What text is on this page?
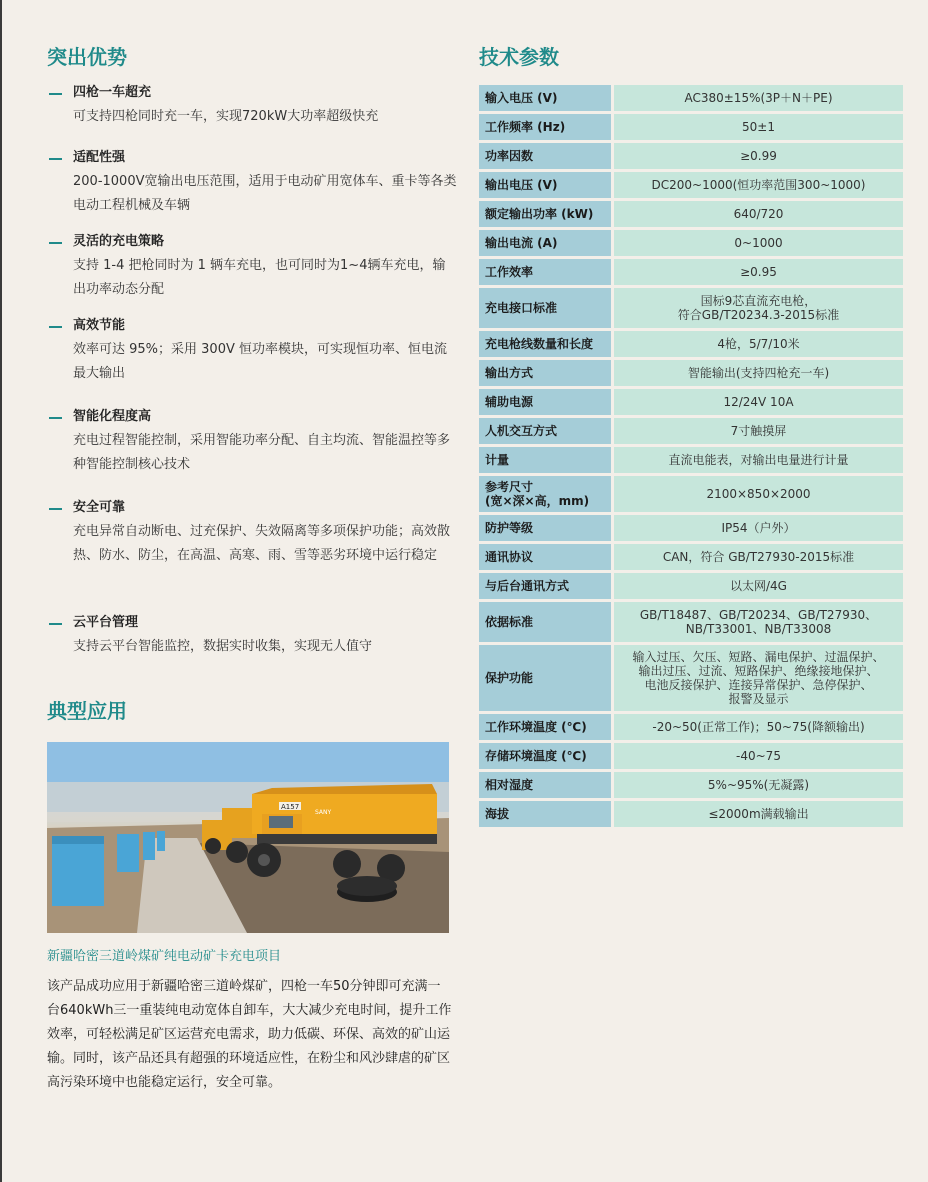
突出优势
四枪一车超充
可支持四枪同时充一车，实现720kW大功率超级快充
适配性强
200-1000V宽输出电压范围，适用于电动矿用宽体车、重卡等各类电动工程机械及车辆
灵活的充电策略
支持 1-4 把枪同时为 1 辆车充电，也可同时为1~4辆车充电，输出功率动态分配
高效节能
效率可达 95%；采用 300V 恒功率模块，可实现恒功率、恒电流最大输出
智能化程度高
充电过程智能控制，采用智能功率分配、自主均流、智能温控等多种智能控制核心技术
安全可靠
充电异常自动断电、过充保护、失效隔离等多项保护功能；高效散热、防水、防尘，在高温、高寒、雨、雪等恶劣环境中运行稳定
云平台管理
支持云平台智能监控，数据实时收集，实现无人值守
典型应用
A157
SANY
新疆哈密三道岭煤矿纯电动矿卡充电项目
该产品成功应用于新疆哈密三道岭煤矿，四枪一车50分钟即可充满一台640kWh三一重装纯电动宽体自卸车，大大减少充电时间，提升工作效率，可轻松满足矿区运营充电需求，助力低碳、环保、高效的矿山运输。同时，该产品还具有超强的环境适应性，在粉尘和风沙肆虐的矿区高污染环境中也能稳定运行，安全可靠。
技术参数
输入电压 (V)	AC380±15%(3P＋N＋PE)
工作频率 (Hz)	50±1
功率因数	≥0.99
输出电压 (V)	DC200~1000(恒功率范围300~1000)
额定输出功率 (kW)	640/720
输出电流 (A)	0~1000
工作效率	≥0.95
充电接口标准	国标9芯直流充电枪，
符合GB/T20234.3-2015标准
充电枪线数量和长度	4枪，5/7/10米
输出方式	智能输出(支持四枪充一车)
辅助电源	12/24V 10A
人机交互方式	7寸触摸屏
计量	直流电能表，对输出电量进行计量
参考尺寸
(宽×深×高，mm)	2100×850×2000
防护等级	IP54（户外）
通讯协议	CAN，符合 GB/T27930-2015标准
与后台通讯方式	以太网/4G
依据标准	GB/T18487、GB/T20234、GB/T27930、
NB/T33001、NB/T33008
保护功能	输入过压、欠压、短路、漏电保护、过温保护、
输出过压、过流、短路保护、绝缘接地保护、
电池反接保护、连接异常保护、急停保护、
报警及显示
工作环境温度 (℃)	-20~50(正常工作)；50~75(降额输出)
存储环境温度 (℃)	-40~75
相对湿度	5%~95%(无凝露)
海拔	≤2000m满载输出
